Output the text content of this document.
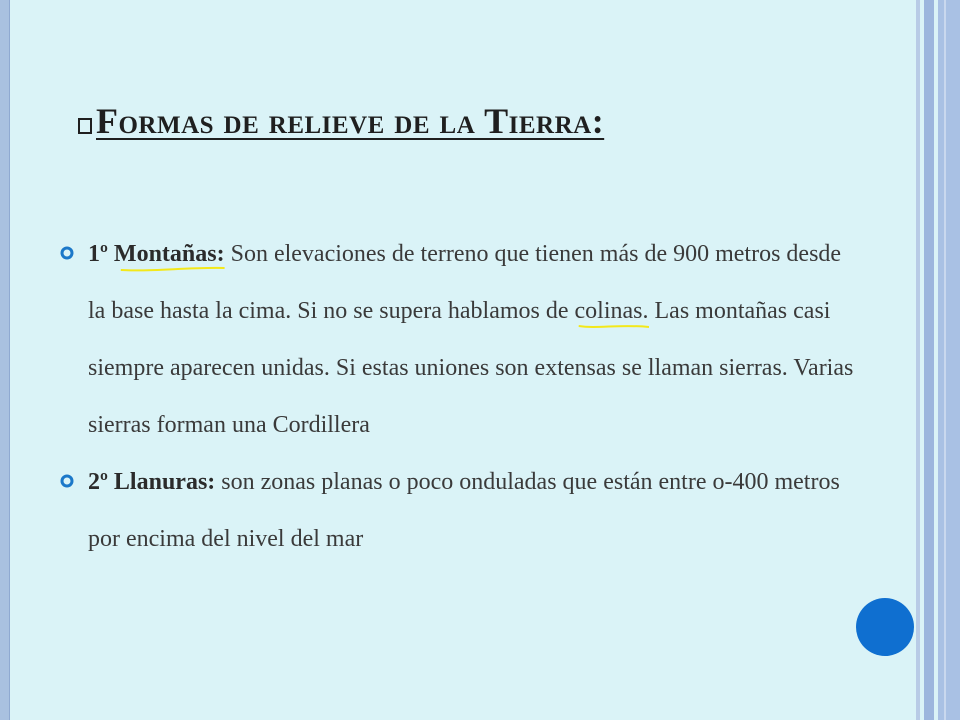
Formas de relieve de la Tierra:
1º Montañas:
Son elevaciones de terreno que tienen más de 900 metros desde la base hasta la cima. Si no se supera hablamos de colinas.
Las montañas casi siempre aparecen unidas. Si estas uniones son extensas se llaman sierras. Varias sierras forman una Cordillera
2º Llanuras: son zonas planas o poco onduladas que están entre o-400 metros por encima del nivel del mar
